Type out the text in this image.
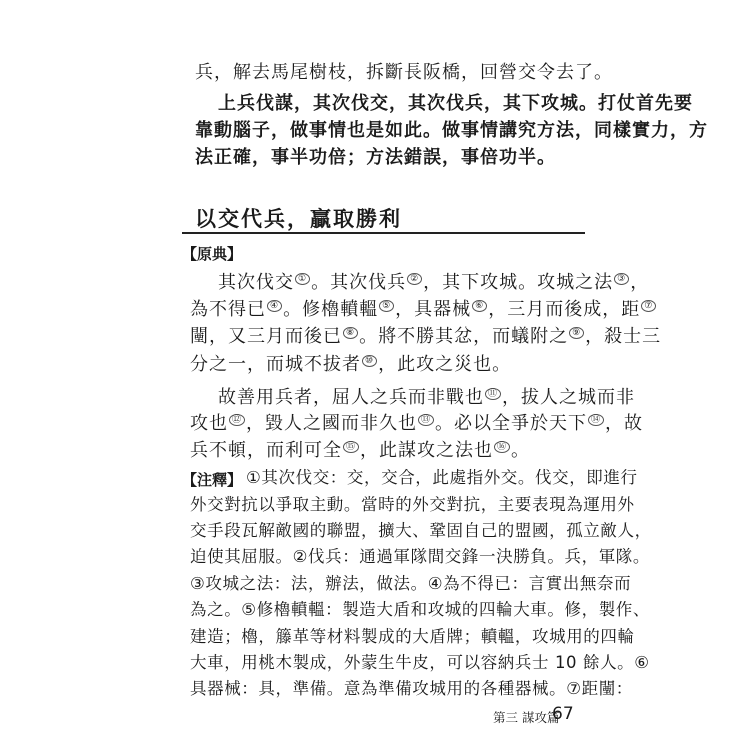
兵，解去馬尾樹枝，拆斷長阪橋，回營交令去了。
上兵伐謀，其次伐交，其次伐兵，其下攻城。打仗首先要
靠動腦子，做事情也是如此。做事情講究方法，同樣實力，方
法正確，事半功倍；方法錯誤，事倍功半。
以交代兵，贏取勝利
【原典】
其次伐交 ① 。其次伐兵 ② ，其下攻城。攻城之法 ③ ，
為不得已 ④ 。修櫓轒轀 ⑤ ，具器械 ⑥ ，三月而後成，距 ⑦
闉，又三月而後已 ⑧ 。將不勝其忿，而蟻附之 ⑨ ，殺士三
分之一，而城不拔者 ⑩ ，此攻之災也。
故善用兵者，屈人之兵而非戰也 ⑪ ，拔人之城而非
攻也 ⑫ ，毀人之國而非久也 ⑬ 。必以全爭於天下 ⑭ ，故
兵不頓，而利可全 ⑮ ，此謀攻之法也 ⑯ 。
【注釋】 ①其次伐交：交，交合，此處指外交。伐交，即進行
外交對抗以爭取主動。當時的外交對抗，主要表現為運用外
交手段瓦解敵國的聯盟，擴大、鞏固自己的盟國，孤立敵人，
迫使其屈服。②伐兵：通過軍隊間交鋒一決勝負。兵，軍隊。
③攻城之法：法，辦法，做法。④為不得已：言實出無奈而
為之。⑤修櫓轒轀：製造大盾和攻城的四輪大車。修，製作、
建造；櫓，籐革等材料製成的大盾牌；轒轀，攻城用的四輪
大車，用桃木製成，外蒙生牛皮，可以容納兵士 10 餘人。⑥
具器械：具，準備。意為準備攻城用的各種器械。⑦距闉：
第三 謀攻篇
67
